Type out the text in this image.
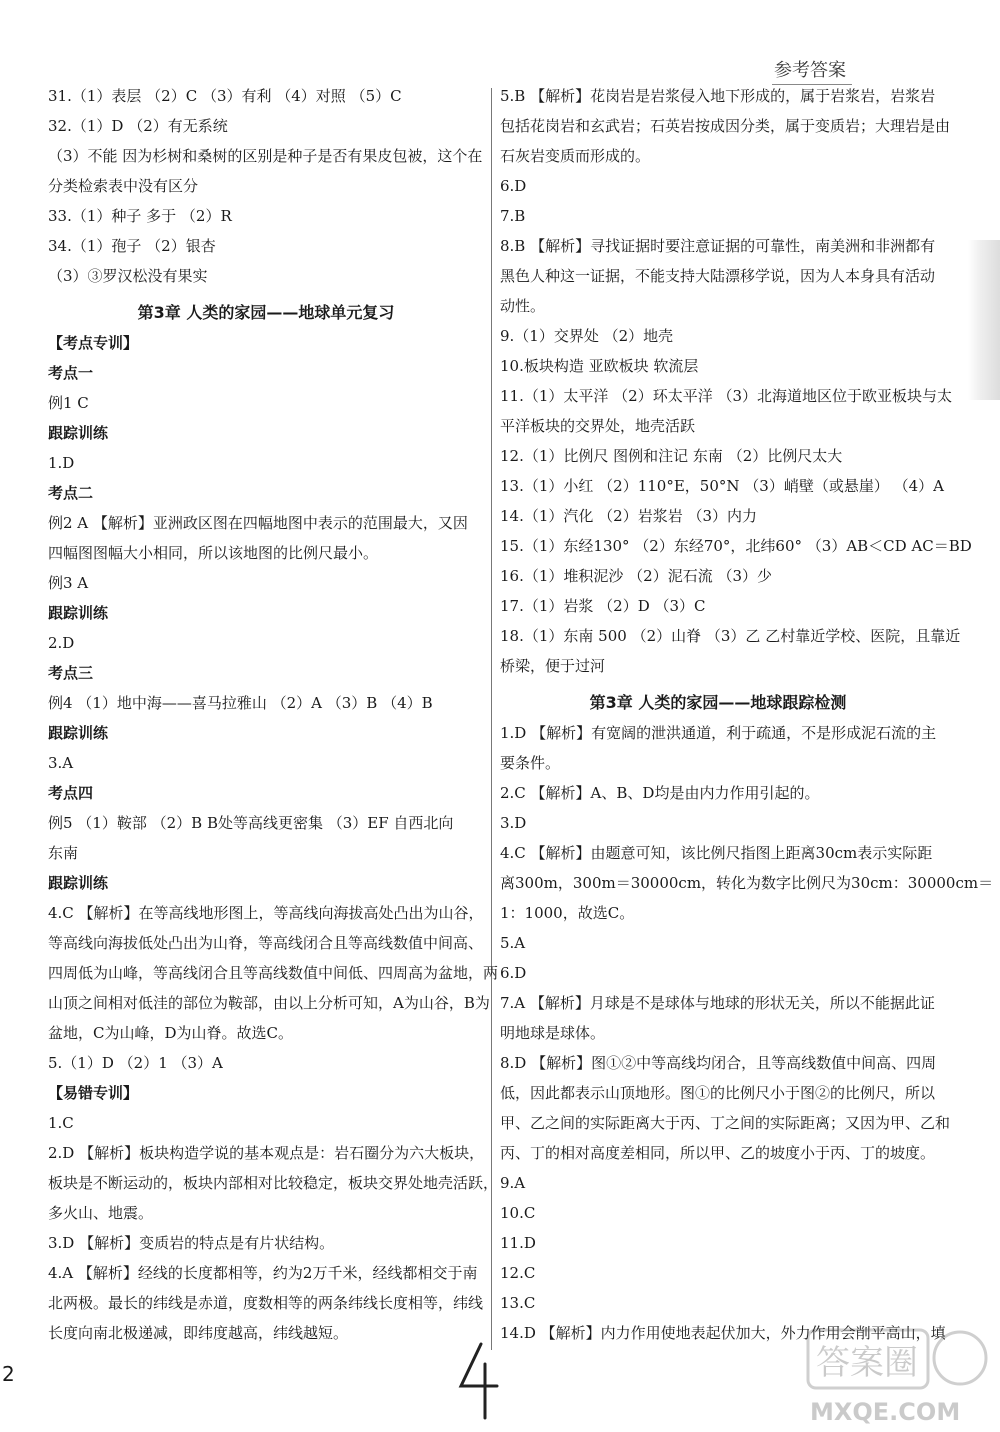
参考答案
31.（1）表层 （2）C （3）有利 （4）对照 （5）C
32.（1）D （2）有无系统
（3）不能 因为杉树和桑树的区别是种子是否有果皮包被，这个在
分类检索表中没有区分
33.（1）种子 多于 （2）R
34.（1）孢子 （2）银杏
（3）③罗汉松没有果实
第3章 人类的家园——地球单元复习
【考点专训】
考点一
例1 C
跟踪训练
1.D
考点二
例2 A 【解析】亚洲政区图在四幅地图中表示的范围最大，又因
四幅图图幅大小相同，所以该地图的比例尺最小。
例3 A
跟踪训练
2.D
考点三
例4 （1）地中海——喜马拉雅山 （2）A （3）B （4）B
跟踪训练
3.A
考点四
例5 （1）鞍部 （2）B B处等高线更密集 （3）EF 自西北向
东南
跟踪训练
4.C 【解析】在等高线地形图上，等高线向海拔高处凸出为山谷，
等高线向海拔低处凸出为山脊，等高线闭合且等高线数值中间高、
四周低为山峰，等高线闭合且等高线数值中间低、四周高为盆地，两
山顶之间相对低洼的部位为鞍部，由以上分析可知，A为山谷，B为
盆地，C为山峰，D为山脊。故选C。
5.（1）D （2）1 （3）A
【易错专训】
1.C
2.D 【解析】板块构造学说的基本观点是：岩石圈分为六大板块，
板块是不断运动的，板块内部相对比较稳定，板块交界处地壳活跃，
多火山、地震。
3.D 【解析】变质岩的特点是有片状结构。
4.A 【解析】经线的长度都相等，约为2万千米，经线都相交于南
北两极。最长的纬线是赤道，度数相等的两条纬线长度相等，纬线
长度向南北极递减，即纬度越高，纬线越短。
5.B 【解析】花岗岩是岩浆侵入地下形成的，属于岩浆岩，岩浆岩
包括花岗岩和玄武岩；石英岩按成因分类，属于变质岩；大理岩是由
石灰岩变质而形成的。
6.D
7.B
8.B 【解析】寻找证据时要注意证据的可靠性，南美洲和非洲都有
黑色人种这一证据，不能支持大陆漂移学说，因为人本身具有活动
动性。
9.（1）交界处 （2）地壳
10.板块构造 亚欧板块 软流层
11.（1）太平洋 （2）环太平洋 （3）北海道地区位于欧亚板块与太
平洋板块的交界处，地壳活跃
12.（1）比例尺 图例和注记 东南 （2）比例尺太大
13.（1）小红 （2）110°E，50°N （3）峭壁（或悬崖） （4）A
14.（1）汽化 （2）岩浆岩 （3）内力
15.（1）东经130° （2）东经70°，北纬60° （3）AB＜CD AC＝BD
16.（1）堆积泥沙 （2）泥石流 （3）少
17.（1）岩浆 （2）D （3）C
18.（1）东南 500 （2）山脊 （3）乙 乙村靠近学校、医院，且靠近
桥梁，便于过河
第3章 人类的家园——地球跟踪检测
1.D 【解析】有宽阔的泄洪通道，利于疏通，不是形成泥石流的主
要条件。
2.C 【解析】A、B、D均是由内力作用引起的。
3.D
4.C 【解析】由题意可知，该比例尺指图上距离30cm表示实际距
离300m，300m＝30000cm，转化为数字比例尺为30cm：30000cm＝
1：1000，故选C。
5.A
6.D
7.A 【解析】月球是不是球体与地球的形状无关，所以不能据此证
明地球是球体。
8.D 【解析】图①②中等高线均闭合，且等高线数值中间高、四周
低，因此都表示山顶地形。图①的比例尺小于图②的比例尺，所以
甲、乙之间的实际距离大于丙、丁之间的实际距离；又因为甲、乙和
丙、丁的相对高度差相同，所以甲、乙的坡度小于丙、丁的坡度。
9.A
10.C
11.D
12.C
13.C
14.D 【解析】内力作用使地表起伏加大，外力作用会削平高山，填
2	答案圈
MXQE.COM
